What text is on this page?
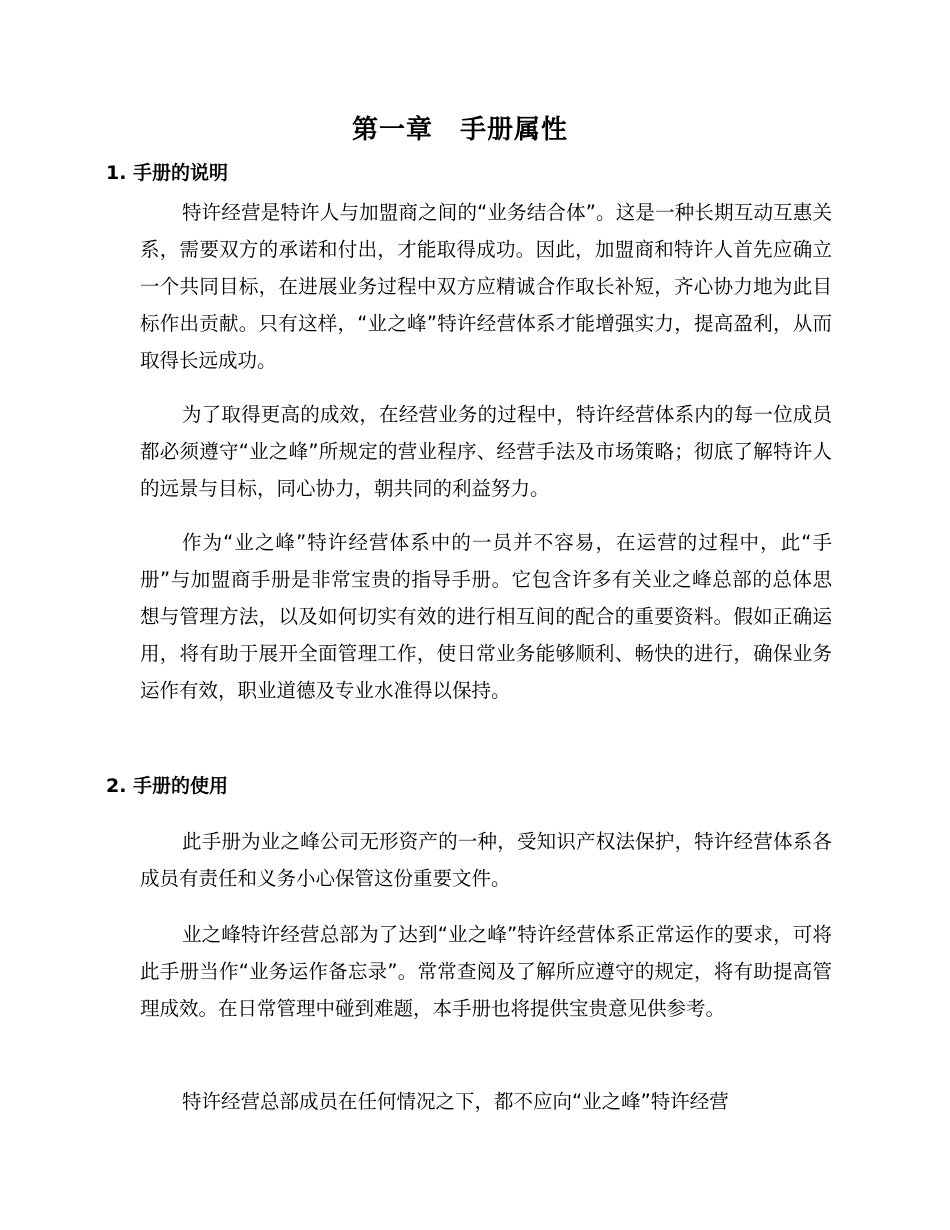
第一章　手册属性
1. 手册的说明

特许经营是特许人与加盟商之间的“业务结合体”。这是一种长期互动互惠关系，需要双方的承诺和付出，才能取得成功。因此，加盟商和特许人首先应确立一个共同目标，在进展业务过程中双方应精诚合作取长补短，齐心协力地为此目标作出贡献。只有这样，“业之峰”特许经营体系才能增强实力，提高盈利，从而取得长远成功。

为了取得更高的成效，在经营业务的过程中，特许经营体系内的每一位成员都必须遵守“业之峰”所规定的营业程序、经营手法及市场策略；彻底了解特许人的远景与目标，同心协力，朝共同的利益努力。

作为“业之峰”特许经营体系中的一员并不容易，在运营的过程中，此“手册”与加盟商手册是非常宝贵的指导手册。它包含许多有关业之峰总部的总体思想与管理方法，以及如何切实有效的进行相互间的配合的重要资料。假如正确运用，将有助于展开全面管理工作，使日常业务能够顺利、畅快的进行，确保业务运作有效，职业道德及专业水准得以保持。

2. 手册的使用

此手册为业之峰公司无形资产的一种，受知识产权法保护，特许经营体系各成员有责任和义务小心保管这份重要文件。

业之峰特许经营总部为了达到“业之峰”特许经营体系正常运作的要求，可将此手册当作“业务运作备忘录”。常常查阅及了解所应遵守的规定，将有助提高管理成效。在日常管理中碰到难题，本手册也将提供宝贵意见供参考。

特许经营总部成员在任何情况之下，都不应向“业之峰”特许经营
